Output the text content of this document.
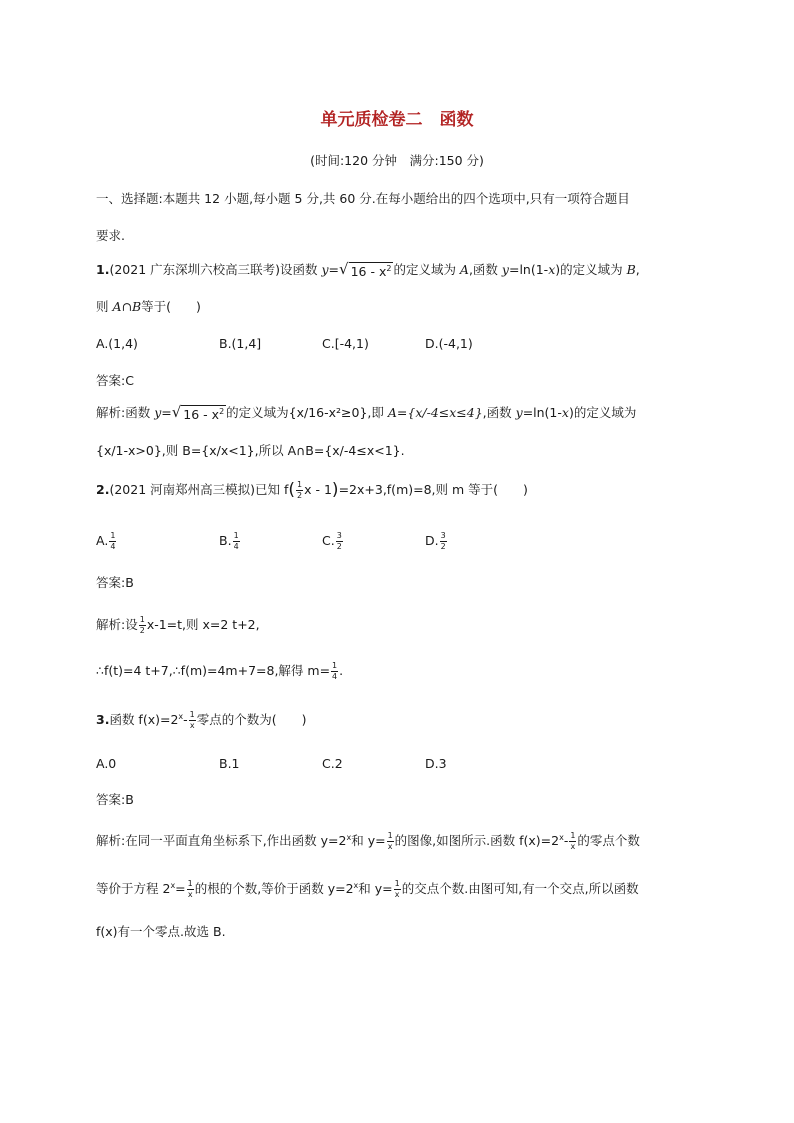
单元质检卷二　函数
(时间:120 分钟　满分:150 分)
一、选择题:本题共 12 小题,每小题 5 分,共 60 分.在每小题给出的四个选项中,只有一项符合题目
要求.
1.(2021 广东深圳六校高三联考)设函数 y= √ $16 - x^2$ 的定义域为 A,函数 y=ln(1-x)的定义域为 B,
则 A∩B等于(　　)
A.(1,4)	B.(1,4]	C.[-4,1)	D.(-4,1)
答案:C
解析:函数 y= √ $16 - x^2$ 的定义域为{x/16-x²≥0},即 A={x/-4≤x≤4},函数 y=ln(1-x)的定义域为
{x/1-x>0},则 B={x/x<1},所以 A∩B={x/-4≤x<1}.
2.(2021 河南郑州高三模拟)已知 $f( \frac{1}{2}$ x - 1)=2x+3,f(m)=8,则 m 等于(　　)
A. $\frac{1}{4}$	B. $\frac{1}{4}$	C. $\frac{3}{2}$	D. $\frac{3}{2}$
答案:B
解析:设 $\frac{1}{2} x-1=t$,则 x=2 t+2,
∴f(t)=4 t+7,∴f(m)=4m+7=8,解得 $m= \frac{1}{4}$ .
3.函数 $f(x)=2^x- \frac{1}{x}$ 零点的个数为(　　)
A.0	B.1	C.2	D.3
答案:B
解析:在同一平面直角坐标系下,作出函数 $y=2^x$和 $y= \frac{1}{x}$ 的图像,如图所示.函数 $f(x)=2^x- \frac{1}{x}$ 的零点个数
等价于方程 $2^x= \frac{1}{x}$ 的根的个数,等价于函数 $y=2^x$和 $y= \frac{1}{x}$ 的交点个数.由图可知,有一个交点,所以函数
f(x)有一个零点.故选 B.
